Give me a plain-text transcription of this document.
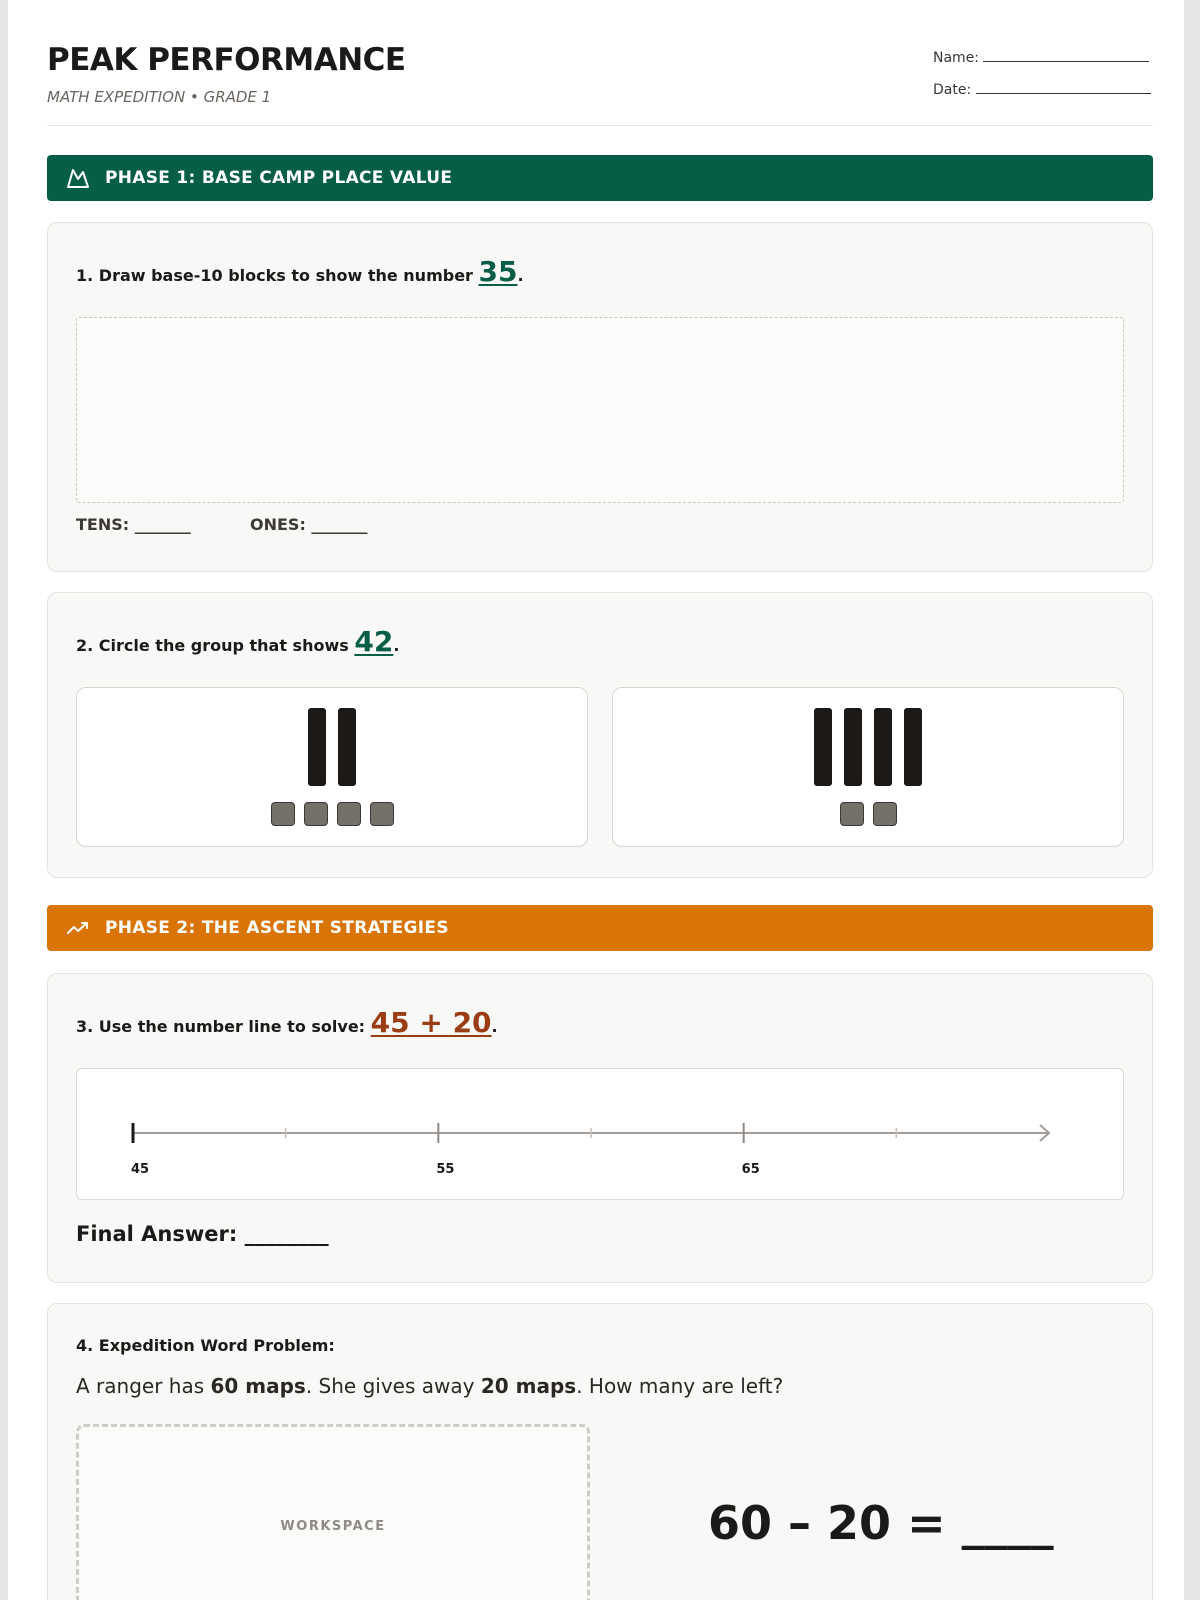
PEAK PERFORMANCE
MATH EXPEDITION • GRADE 1
Name:
Date:
PHASE 1: BASE CAMP PLACE VALUE

1. Draw base-10 blocks to show the number 35.

TENS: _______	ONES: _______

2. Circle the group that shows 42.

PHASE 2: THE ASCENT STRATEGIES

3. Use the number line to solve: 45 + 20.

45	55	65
Final Answer: ________

4. Expedition Word Problem:

A ranger has 60 maps. She gives away 20 maps. How many are left?
WORKSPACE	60 – 20 = ____
